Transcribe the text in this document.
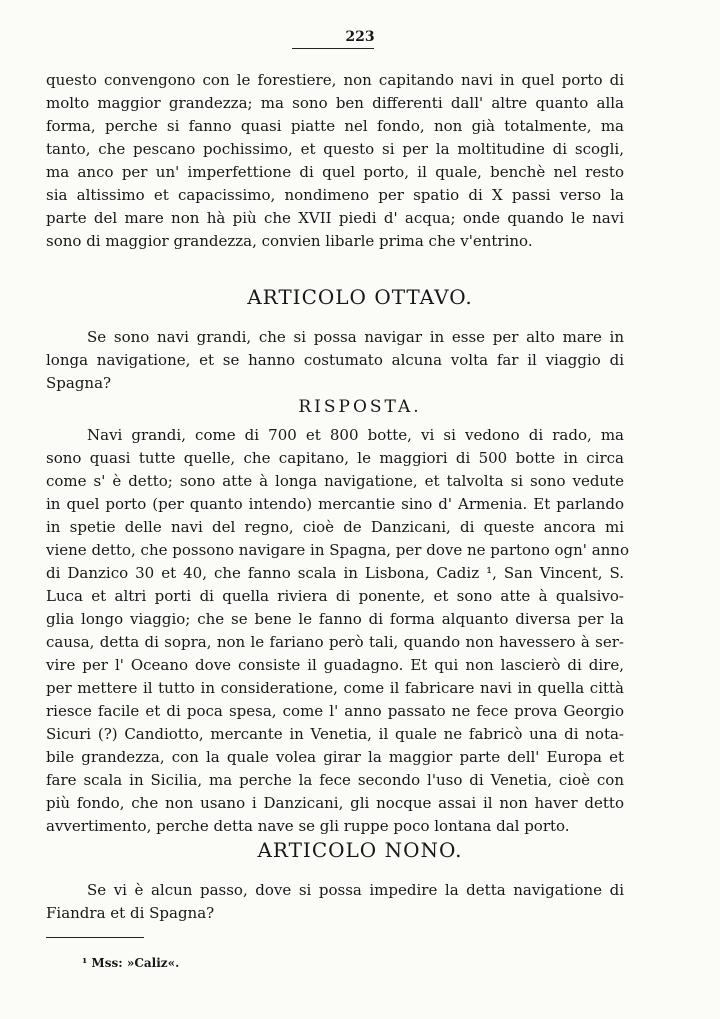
223
questo convengono con le forestiere, non capitando navi in quel porto di
molto maggior grandezza; ma sono ben differenti dall' altre quanto alla
forma, perche si fanno quasi piatte nel fondo, non già totalmente, ma
tanto, che pescano pochissimo, et questo si per la moltitudine di scogli,
ma anco per un' imperfettione di quel porto, il quale, benchè nel resto
sia altissimo et capacissimo, nondimeno per spatio di X passi verso la
parte del mare non hà più che XVII piedi d' acqua; onde quando le navi
sono di maggior grandezza, convien libarle prima che v'entrino.
ARTICOLO OTTAVO.
Se sono navi grandi, che si possa navigar in esse per alto mare in
longa navigatione, et se hanno costumato alcuna volta far il viaggio di
Spagna?
RISPOSTA.
Navi grandi, come di 700 et 800 botte, vi si vedono di rado, ma
sono quasi tutte quelle, che capitano, le maggiori di 500 botte in circa
come s' è detto; sono atte à longa navigatione, et talvolta si sono vedute
in quel porto (per quanto intendo) mercantie sino d' Armenia. Et parlando
in spetie delle navi del regno, cioè de Danzicani, di queste ancora mi
viene detto, che possono navigare in Spagna, per dove ne partono ogn' anno
di Danzico 30 et 40, che fanno scala in Lisbona, Cadiz ¹, San Vincent, S.
Luca et altri porti di quella riviera di ponente, et sono atte à qualsivo-
glia longo viaggio; che se bene le fanno di forma alquanto diversa per la
causa, detta di sopra, non le fariano però tali, quando non havessero à ser-
vire per l' Oceano dove consiste il guadagno. Et qui non lascierò di dire,
per mettere il tutto in consideratione, come il fabricare navi in quella città
riesce facile et di poca spesa, come l' anno passato ne fece prova Georgio
Sicuri (?) Candiotto, mercante in Venetia, il quale ne fabricò una di nota-
bile grandezza, con la quale volea girar la maggior parte dell' Europa et
fare scala in Sicilia, ma perche la fece secondo l'uso di Venetia, cioè con
più fondo, che non usano i Danzicani, gli nocque assai il non haver detto
avvertimento, perche detta nave se gli ruppe poco lontana dal porto.
ARTICOLO NONO.
Se vi è alcun passo, dove si possa impedire la detta navigatione di
Fiandra et di Spagna?
¹ Mss: »Caliz«.
